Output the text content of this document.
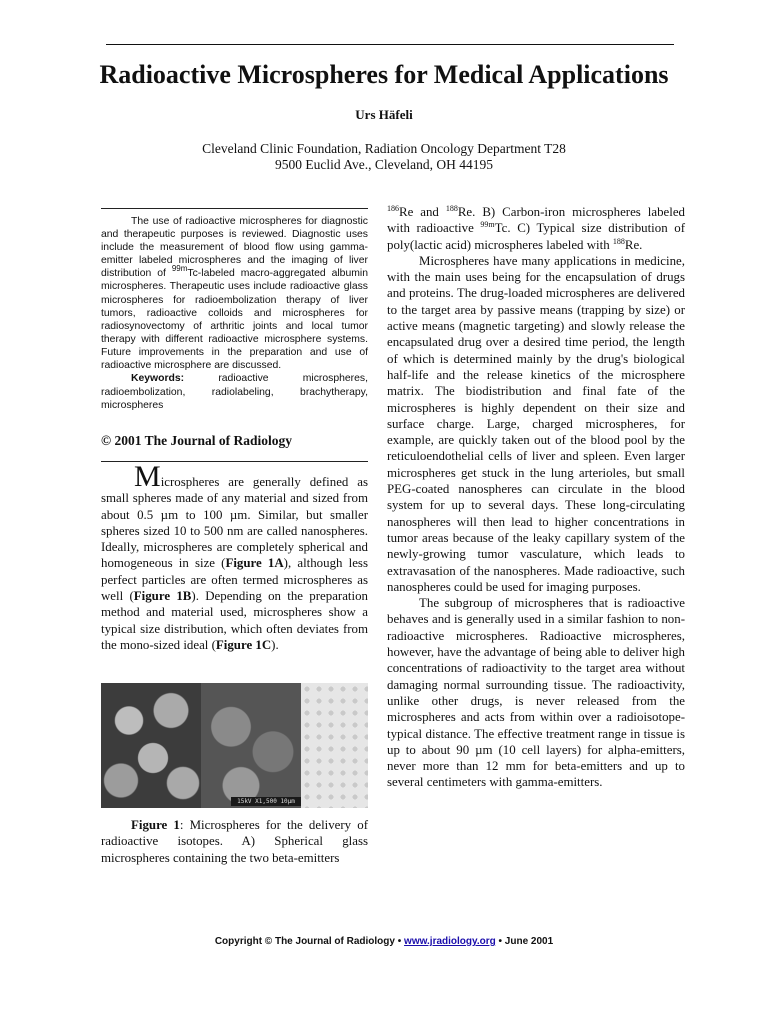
Radioactive Microspheres for Medical Applications
Urs Häfeli
Cleveland Clinic Foundation, Radiation Oncology Department T28
9500 Euclid Ave., Cleveland, OH 44195
The use of radioactive microspheres for diagnostic and therapeutic purposes is reviewed. Diagnostic uses include the measurement of blood flow using gamma-emitter labeled microspheres and the imaging of liver distribution of $^{99m}$Tc-labeled macro-aggregated albumin microspheres. Therapeutic uses include radioactive glass microspheres for radioembolization therapy of liver tumors, radioactive colloids and microspheres for radiosynovectomy of arthritic joints and local tumor therapy with different radioactive microsphere systems. Future improvements in the preparation and use of radioactive microsphere are discussed.
Keywords:	radioactive microspheres, radioembolization, radiolabeling, brachytherapy, microspheres
© 2001 The Journal of Radiology
Microspheres are generally defined as small spheres made of any material and sized from about 0.5 µm to 100 µm. Similar, but smaller spheres sized 10 to 500 nm are called nanospheres. Ideally, microspheres are completely spherical and homogeneous in size (Figure 1A), although less perfect particles are often termed microspheres as well (Figure 1B). Depending on the preparation method and material used, microspheres show a typical size distribution, which often deviates from the mono-sized ideal (Figure 1C).
15kV X1,500 10µm
Figure 1: Microspheres for the delivery of radioactive isotopes. A) Spherical glass microspheres containing the two beta-emitters
$^{186}$Re and $^{188}$Re. B) Carbon-iron microspheres labeled with radioactive $^{99m}$Tc. C) Typical size distribution of poly(lactic acid) microspheres labeled with $^{188}$Re.
Microspheres have many applications in medicine, with the main uses being for the encapsulation of drugs and proteins. The drug-loaded microspheres are delivered to the target area by passive means (trapping by size) or active means (magnetic targeting) and slowly release the encapsulated drug over a desired time period, the length of which is determined mainly by the drug's biological half-life and the release kinetics of the microsphere matrix. The biodistribution and final fate of the microspheres is highly dependent on their size and surface charge. Large, charged microspheres, for example, are quickly taken out of the blood pool by the reticuloendothelial cells of liver and spleen. Even larger microspheres get stuck in the lung arterioles, but small PEG-coated nanospheres can circulate in the blood system for up to several days. These long-circulating nanospheres will then lead to higher concentrations in tumor areas because of the leaky capillary system of the newly-growing tumor vasculature, which leads to extravasation of the nanospheres. Made radioactive, such nanospheres could be used for imaging purposes.
The subgroup of microspheres that is radioactive behaves and is generally used in a similar fashion to non-radioactive microspheres. Radioactive microspheres, however, have the advantage of being able to deliver high concentrations of radioactivity to the target area without damaging normal surrounding tissue. The radioactivity, unlike other drugs, is never released from the microspheres and acts from within over a radioisotope-typical distance. The effective treatment range in tissue is up to about 90 µm (10 cell layers) for alpha-emitters, never more than 12 mm for beta-emitters and up to several centimeters with gamma-emitters.
Copyright © The Journal of Radiology • www.jradiology.org • June 2001
